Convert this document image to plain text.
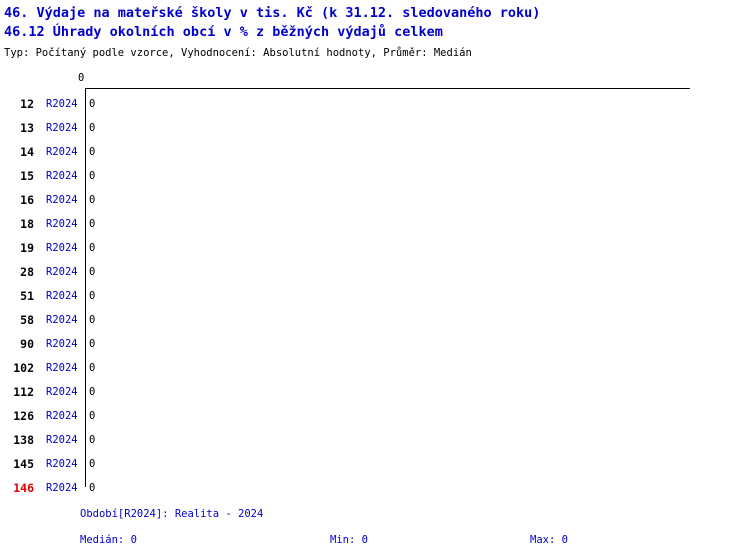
46. Výdaje na mateřské školy v tis. Kč (k 31.12. sledovaného roku)
46.12 Úhrady okolních obcí v % z běžných výdajů celkem
Typ: Počítaný podle vzorce, Vyhodnocení: Absolutní hodnoty, Průměr: Medián
0
12 R2024 0
13 R2024 0
14 R2024 0
15 R2024 0
16 R2024 0
18 R2024 0
19 R2024 0
28 R2024 0
51 R2024 0
58 R2024 0
90 R2024 0
102 R2024 0
112 R2024 0
126 R2024 0
138 R2024 0
145 R2024 0
146 R2024 0
Období[R2024]: Realita - 2024
Medián: 0	Min: 0	Max: 0
